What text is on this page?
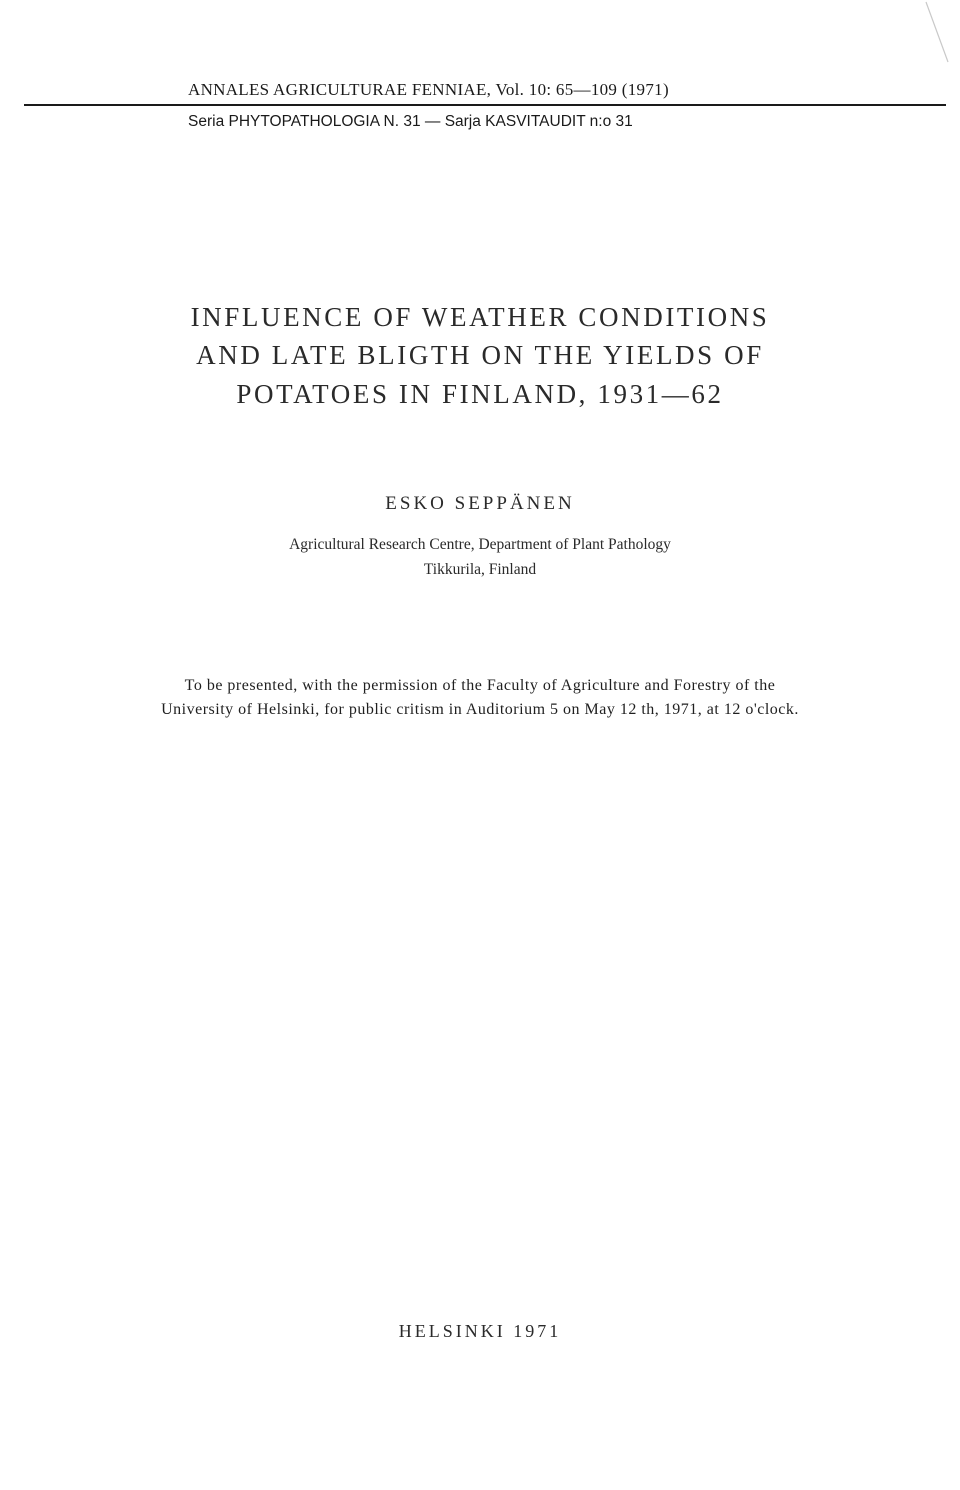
ANNALES AGRICULTURAE FENNIAE, Vol. 10: 65—109 (1971)

Seria PHYTOPATHOLOGIA N. 31 — Sarja KASVITAUDIT n:o 31

INFLUENCE OF WEATHER CONDITIONS
AND LATE BLIGTH ON THE YIELDS OF
POTATOES IN FINLAND, 1931—62

ESKO SEPPÄNEN

Agricultural Research Centre, Department of Plant Pathology
Tikkurila, Finland

To be presented, with the permission of the Faculty of Agriculture and Forestry of the
University of Helsinki, for public critism in Auditorium 5 on May 12 th, 1971, at 12 o'clock.

HELSINKI 1971
